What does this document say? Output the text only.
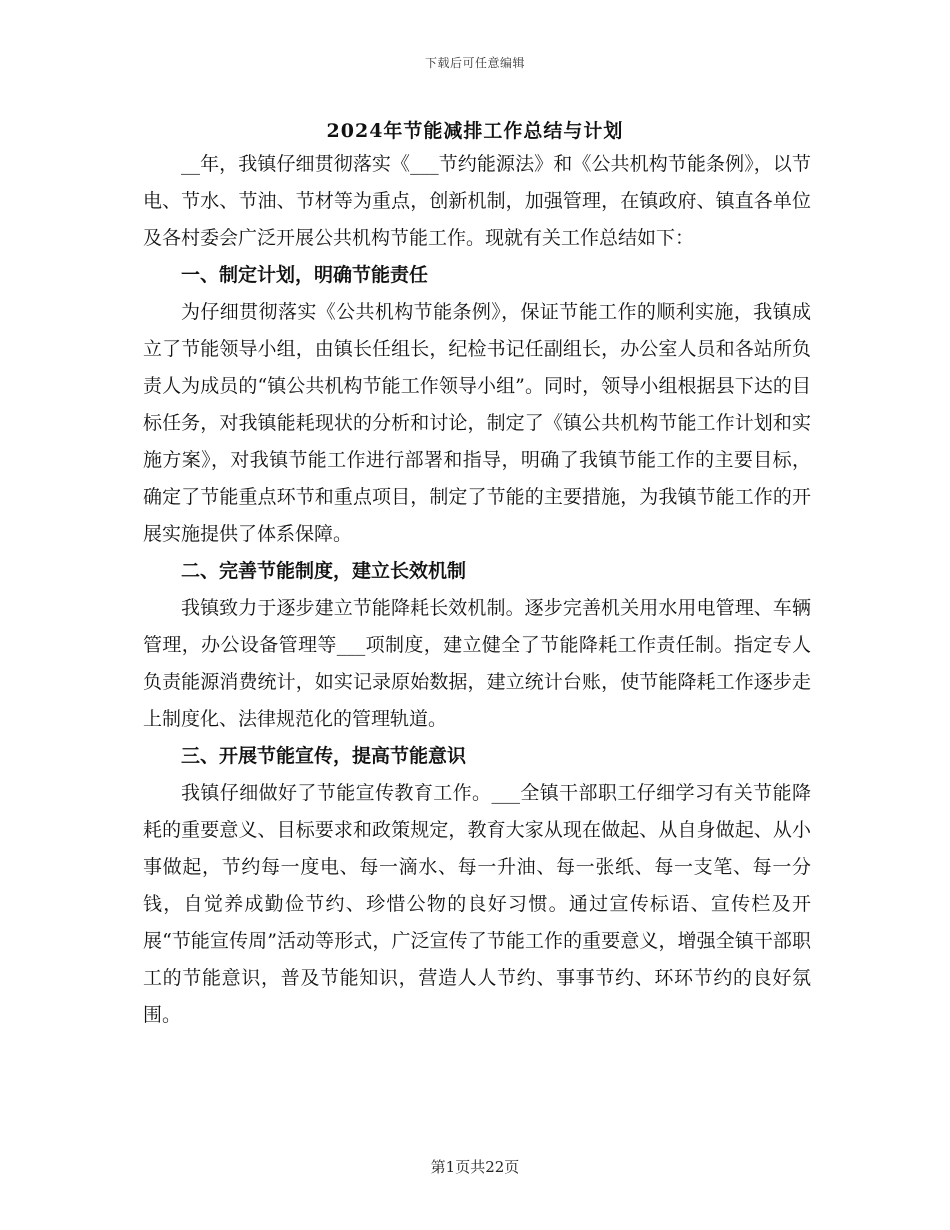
下载后可任意编辑
2024年节能减排工作总结与计划

__年，我镇仔细贯彻落实《___节约能源法》和《公共机构节能条例》，以节电、节水、节油、节材等为重点，创新机制，加强管理，在镇政府、镇直各单位及各村委会广泛开展公共机构节能工作。现就有关工作总结如下：

一、制定计划，明确节能责任

为仔细贯彻落实《公共机构节能条例》，保证节能工作的顺利实施，我镇成立了节能领导小组，由镇长任组长，纪检书记任副组长，办公室人员和各站所负责人为成员的“镇公共机构节能工作领导小组”。同时，领导小组根据县下达的目标任务，对我镇能耗现状的分析和讨论，制定了《镇公共机构节能工作计划和实施方案》，对我镇节能工作进行部署和指导，明确了我镇节能工作的主要目标，确定了节能重点环节和重点项目，制定了节能的主要措施，为我镇节能工作的开展实施提供了体系保障。

二、完善节能制度，建立长效机制

我镇致力于逐步建立节能降耗长效机制。逐步完善机关用水用电管理、车辆管理，办公设备管理等___项制度，建立健全了节能降耗工作责任制。指定专人负责能源消费统计，如实记录原始数据，建立统计台账，使节能降耗工作逐步走上制度化、法律规范化的管理轨道。

三、开展节能宣传，提高节能意识

我镇仔细做好了节能宣传教育工作。___全镇干部职工仔细学习有关节能降耗的重要意义、目标要求和政策规定，教育大家从现在做起、从自身做起、从小事做起，节约每一度电、每一滴水、每一升油、每一张纸、每一支笔、每一分钱，自觉养成勤俭节约、珍惜公物的良好习惯。通过宣传标语、宣传栏及开展“节能宣传周”活动等形式，广泛宣传了节能工作的重要意义，增强全镇干部职工的节能意识，普及节能知识，营造人人节约、事事节约、环环节约的良好氛围。

第1页共22页
